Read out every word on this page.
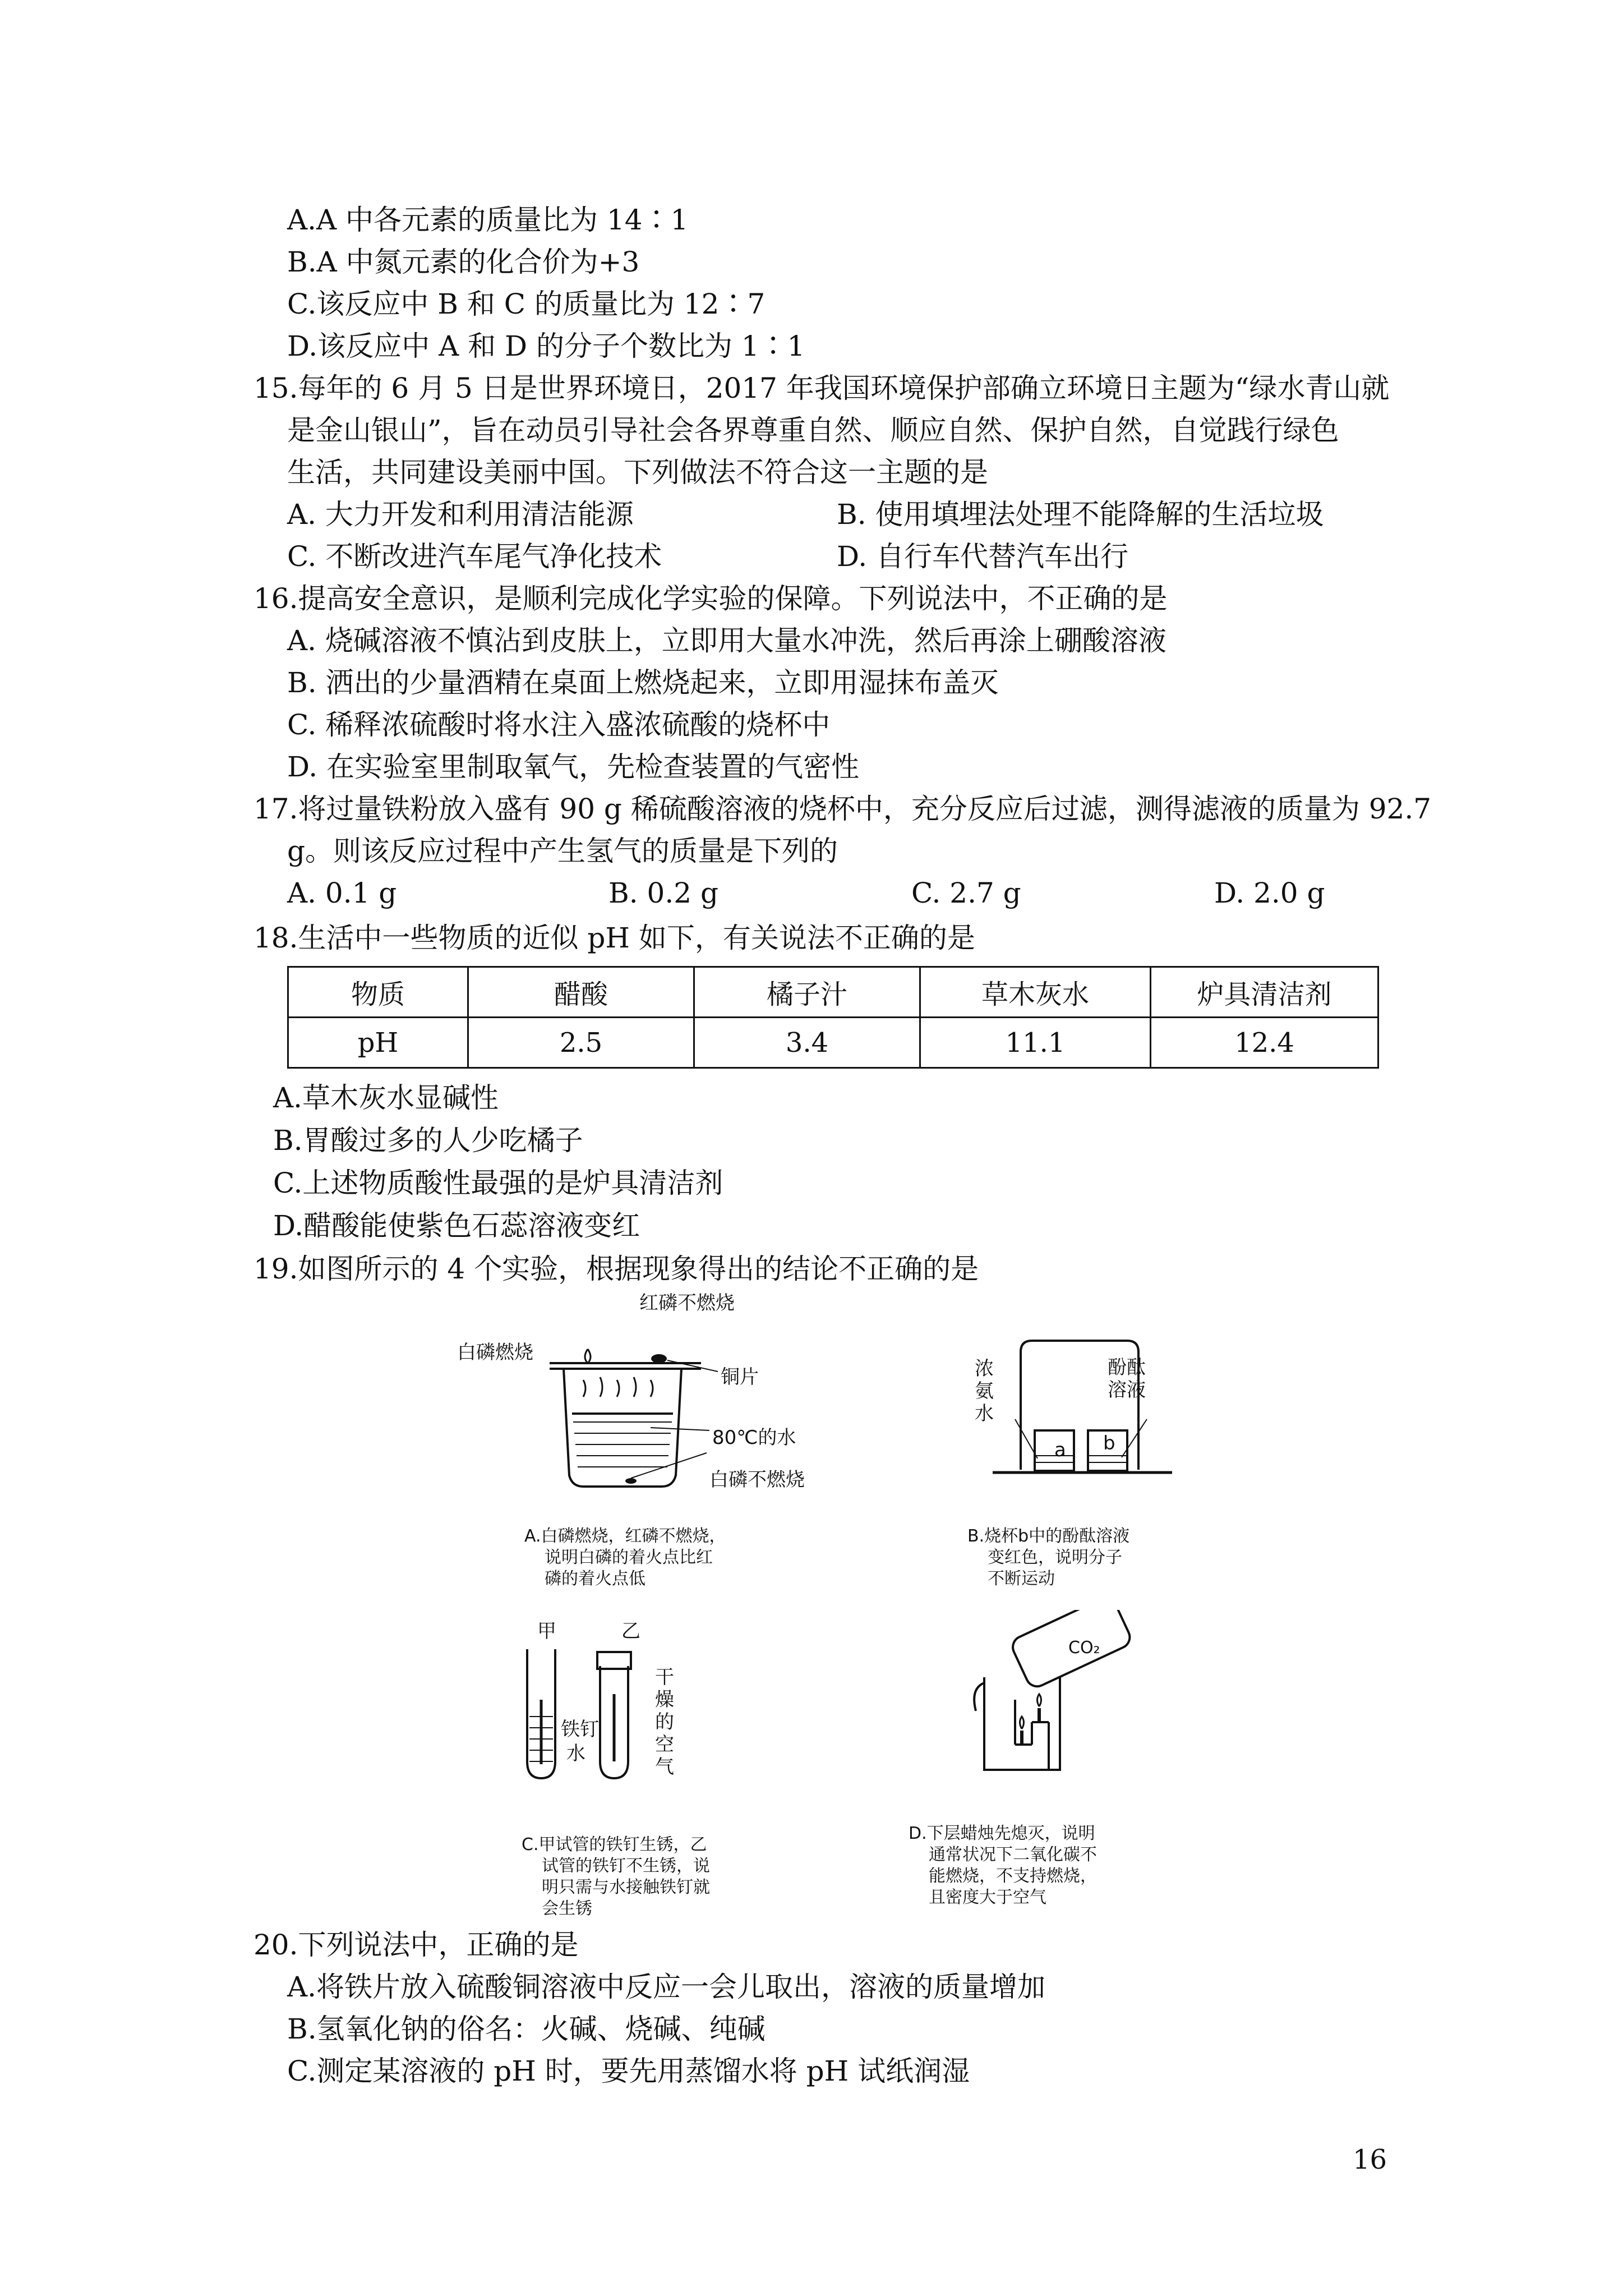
A.A 中各元素的质量比为 14∶1
B.A 中氮元素的化合价为+3
C.该反应中 B 和 C 的质量比为 12∶7
D.该反应中 A 和 D 的分子个数比为 1∶1
15.每年的 6 月 5 日是世界环境日，2017 年我国环境保护部确立环境日主题为“绿水青山就
是金山银山”，旨在动员引导社会各界尊重自然、顺应自然、保护自然，自觉践行绿色
生活，共同建设美丽中国。下列做法不符合这一主题的是
A. 大力开发和利用清洁能源	B. 使用填埋法处理不能降解的生活垃圾
C. 不断改进汽车尾气净化技术	D. 自行车代替汽车出行
16.提高安全意识，是顺利完成化学实验的保障。下列说法中，不正确的是
A. 烧碱溶液不慎沾到皮肤上，立即用大量水冲洗，然后再涂上硼酸溶液
B. 洒出的少量酒精在桌面上燃烧起来，立即用湿抹布盖灭
C. 稀释浓硫酸时将水注入盛浓硫酸的烧杯中
D. 在实验室里制取氧气，先检查装置的气密性
17.将过量铁粉放入盛有 90 g 稀硫酸溶液的烧杯中，充分反应后过滤，测得滤液的质量为 92.7
g。则该反应过程中产生氢气的质量是下列的
A. 0.1 g	B. 0.2 g	C. 2.7 g	D. 2.0 g
18.生活中一些物质的近似 pH 如下，有关说法不正确的是
物质	醋酸	橘子汁	草木灰水	炉具清洁剂
pH	2.5	3.4	11.1	12.4
A.草木灰水显碱性
B.胃酸过多的人少吃橘子
C.上述物质酸性最强的是炉具清洁剂
D.醋酸能使紫色石蕊溶液变红
19.如图所示的 4 个实验，根据现象得出的结论不正确的是
红磷不燃烧
白磷燃烧
铜片
80℃的水
白磷不燃烧
A.白磷燃烧，红磷不燃烧，
说明白磷的着火点比红
磷的着火点低
浓氨水
酚酞溶液
a b
B.烧杯b中的酚酞溶液
变红色，说明分子
不断运动
甲	乙
铁钉
水
干燥的空气
C.甲试管的铁钉生锈，乙
试管的铁钉不生锈，说
明只需与水接触铁钉就
会生锈
CO₂
D.下层蜡烛先熄灭，说明
通常状况下二氧化碳不
能燃烧，不支持燃烧，
且密度大于空气
20.下列说法中，正确的是
A.将铁片放入硫酸铜溶液中反应一会儿取出，溶液的质量增加
B.氢氧化钠的俗名：火碱、烧碱、纯碱
C.测定某溶液的 pH 时，要先用蒸馏水将 pH 试纸润湿
16
